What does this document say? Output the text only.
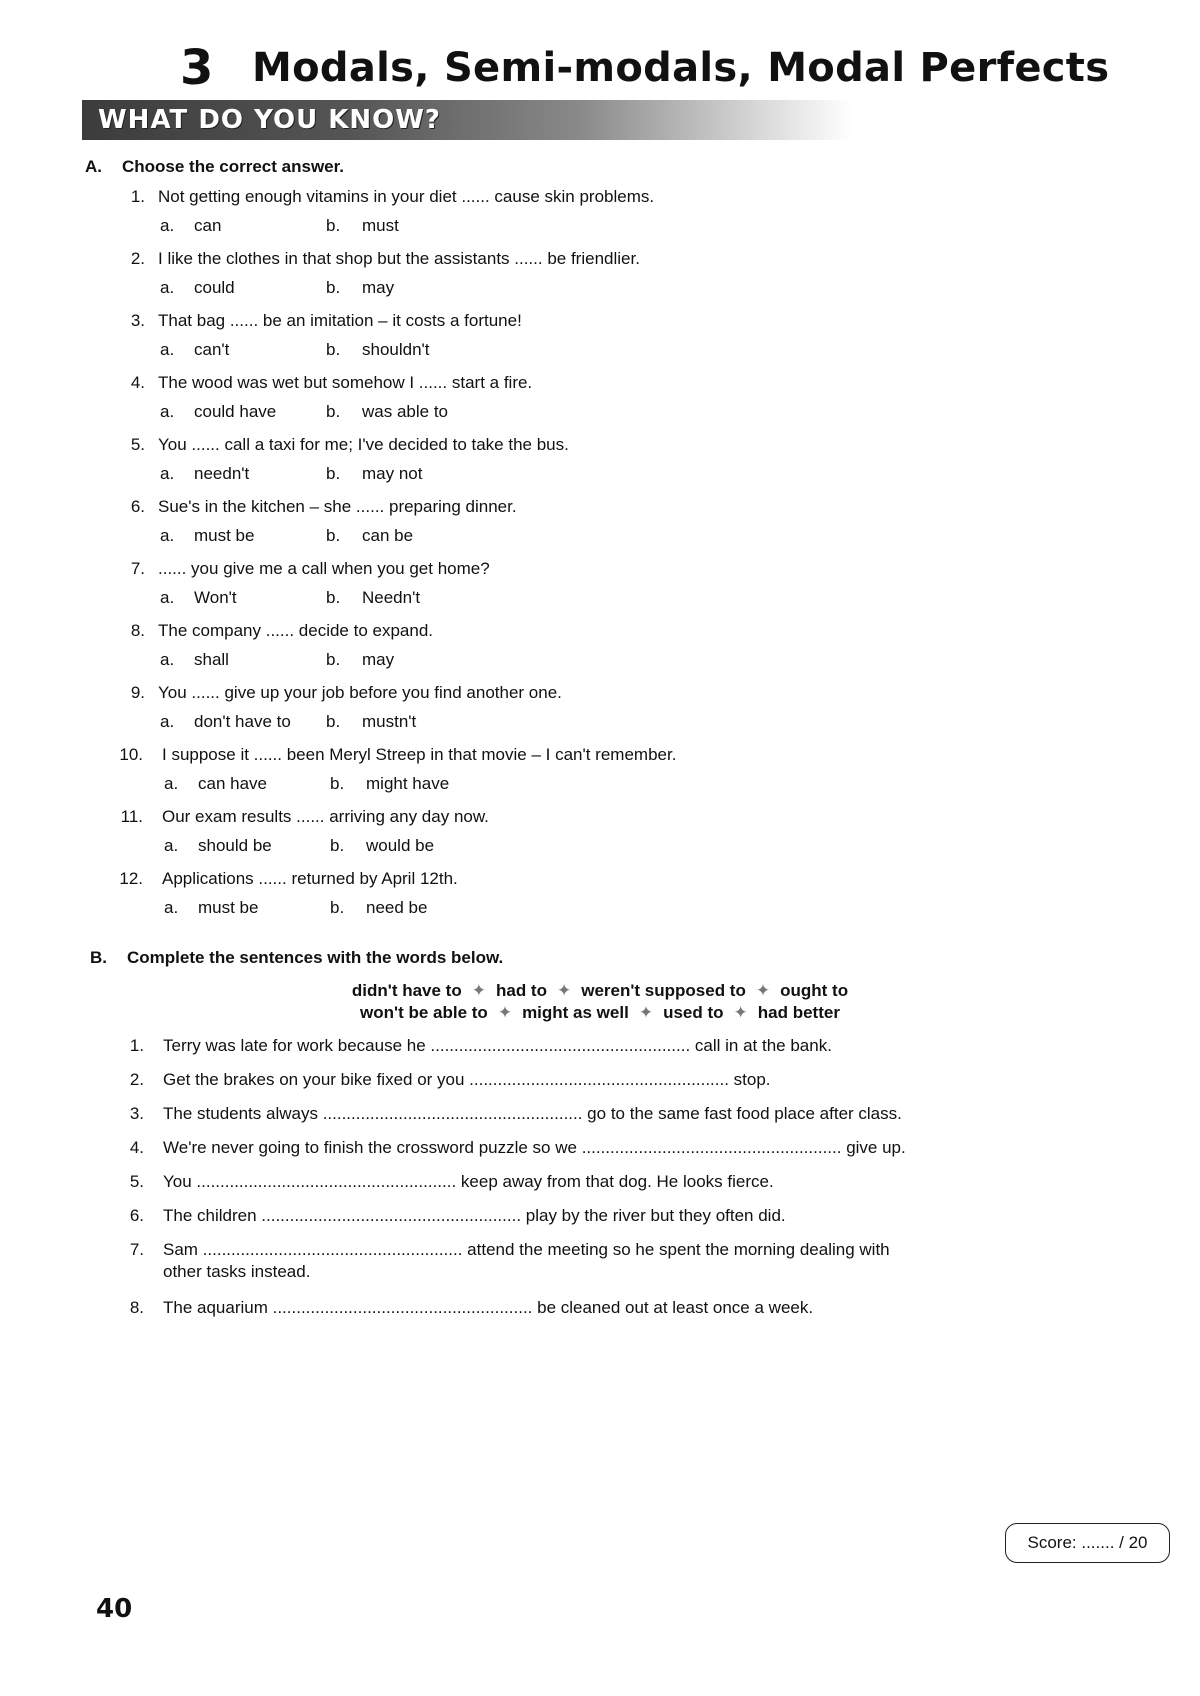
3 Modals, Semi-modals, Modal Perfects
WHAT DO YOU KNOW?
A. Choose the correct answer.
1. Not getting enough vitamins in your diet ...... cause skin problems.
a. can	b. must
2. I like the clothes in that shop but the assistants ...... be friendlier.
a. could	b. may
3. That bag ...... be an imitation – it costs a fortune!
a. can't	b. shouldn't
4. The wood was wet but somehow I ...... start a fire.
a. could have	b. was able to
5. You ...... call a taxi for me; I've decided to take the bus.
a. needn't	b. may not
6. Sue's in the kitchen – she ...... preparing dinner.
a. must be	b. can be
7. ...... you give me a call when you get home?
a. Won't	b. Needn't
8. The company ...... decide to expand.
a. shall	b. may
9. You ...... give up your job before you find another one.
a. don't have to b. mustn't
10. I suppose it ...... been Meryl Streep in that movie – I can't remember.
a. can have	b. might have
11. Our exam results ...... arriving any day now.
a. should be	b. would be
12. Applications ...... returned by April 12th.
a. must be	b. need be
B. Complete the sentences with the words below.
didn't have to ✦ had to ✦ weren't supposed to ✦ ought to
won't be able to ✦ might as well ✦ used to ✦ had better
1. Terry was late for work because he ....................................................... call in at the bank.
2. Get the brakes on your bike fixed or you ....................................................... stop.
3. The students always ....................................................... go to the same fast food place after class.
4. We're never going to finish the crossword puzzle so we ....................................................... give up.
5. You ....................................................... keep away from that dog. He looks fierce.
6. The children ....................................................... play by the river but they often did.
7. Sam ....................................................... attend the meeting so he spent the morning dealing with
other tasks instead.
8. The aquarium ....................................................... be cleaned out at least once a week.
Score: ....... / 20
40
